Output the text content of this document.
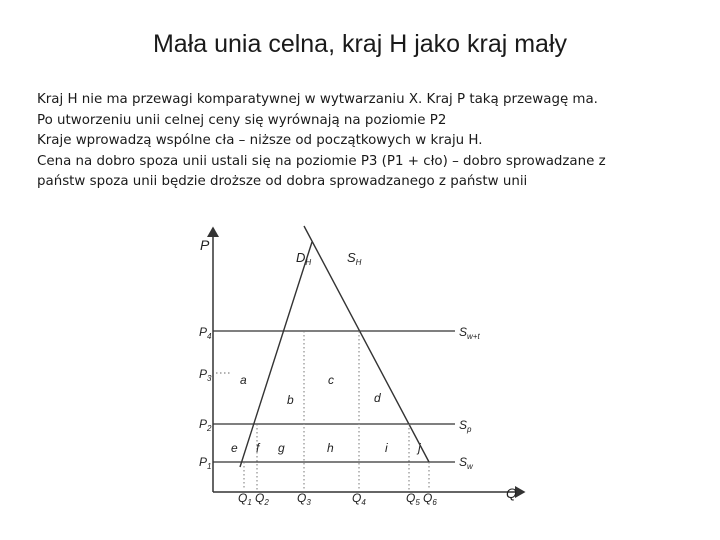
Mała unia celna, kraj H jako kraj mały
Kraj H nie ma przewagi komparatywnej w wytwarzaniu X. Kraj P taką przewagę ma.
Po utworzeniu unii celnej ceny się wyrównają na poziomie P2
Kraje wprowadzą wspólne cła – niższe od początkowych w kraju H.
Cena na dobro spoza unii ustali się na poziomie P3 (P1 + cło) – dobro sprowadzane z
państw spoza unii będzie droższe od dobra sprowadzanego z państw unii
P
Q
$D_H$	$S_H$
$P_4$
$P_3$
$P_2$
$P_1$
$S_{w+t}$
$S_p$
$S_w$
a
b
c
d
e f g	h	i	j
$Q_1$ $Q_2$ $Q_3$	$Q_4$	$Q_5$ $Q_6$
